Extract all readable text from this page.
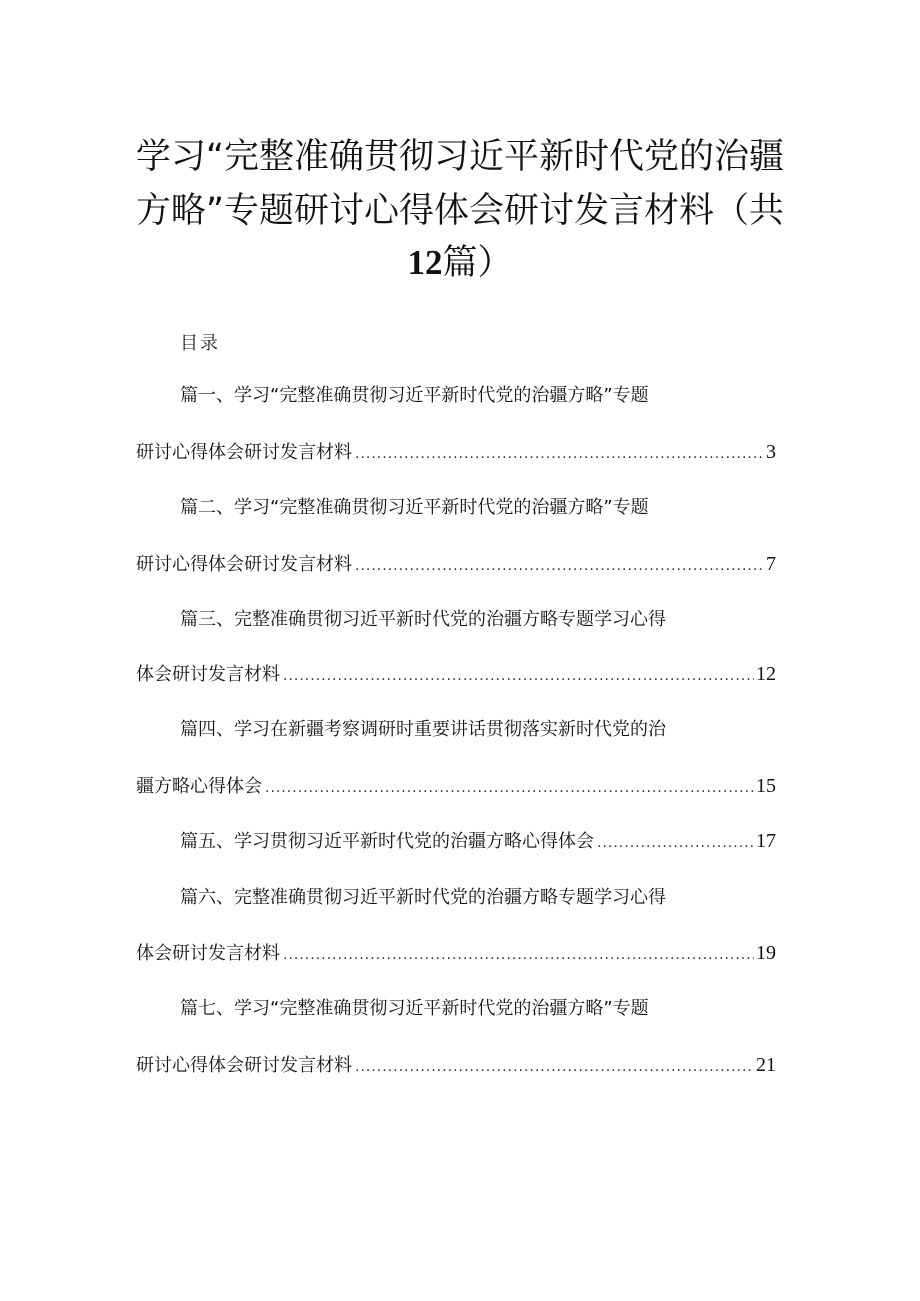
学习“完整准确贯彻习近平新时代党的治疆
方略”专题研讨心得体会研讨发言材料（共
12篇）
目录
篇一、学习“完整准确贯彻习近平新时代党的治疆方略”专题
研讨心得体会研讨发言材料 .....	3
篇二、学习“完整准确贯彻习近平新时代党的治疆方略”专题
研讨心得体会研讨发言材料 .....	7
篇三、完整准确贯彻习近平新时代党的治疆方略专题学习心得
体会研讨发言材料 .....	12
篇四、学习在新疆考察调研时重要讲话贯彻落实新时代党的治
疆方略心得体会 .....	15
篇五、学习贯彻习近平新时代党的治疆方略心得体会 .....	17
篇六、完整准确贯彻习近平新时代党的治疆方略专题学习心得
体会研讨发言材料 .....	19
篇七、学习“完整准确贯彻习近平新时代党的治疆方略”专题
研讨心得体会研讨发言材料 .....	21
